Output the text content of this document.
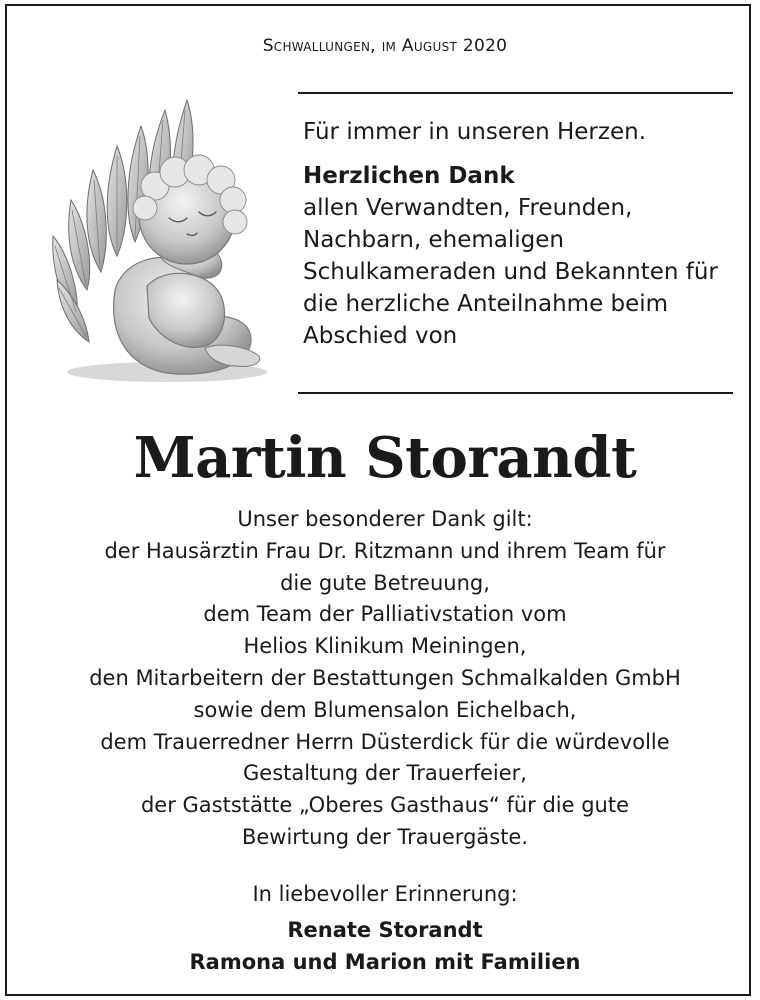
Schwallungen, im August 2020

Für immer in unseren Herzen.

Herzlichen Dank

allen Verwandten, Freunden,

Nachbarn, ehemaligen

Schulkameraden und Bekannten für

die herzliche Anteilnahme beim

Abschied von

Martin Storandt

Unser besonderer Dank gilt:

der Hausärztin Frau Dr. Ritzmann und ihrem Team für

die gute Betreuung,

dem Team der Palliativstation vom

Helios Klinikum Meiningen,

den Mitarbeitern der Bestattungen Schmalkalden GmbH

sowie dem Blumensalon Eichelbach,

dem Trauerredner Herrn Düsterdick für die würdevolle

Gestaltung der Trauerfeier,

der Gaststätte „Oberes Gasthaus“ für die gute

Bewirtung der Trauergäste.

In liebevoller Erinnerung:

Renate Storandt

Ramona und Marion mit Familien
